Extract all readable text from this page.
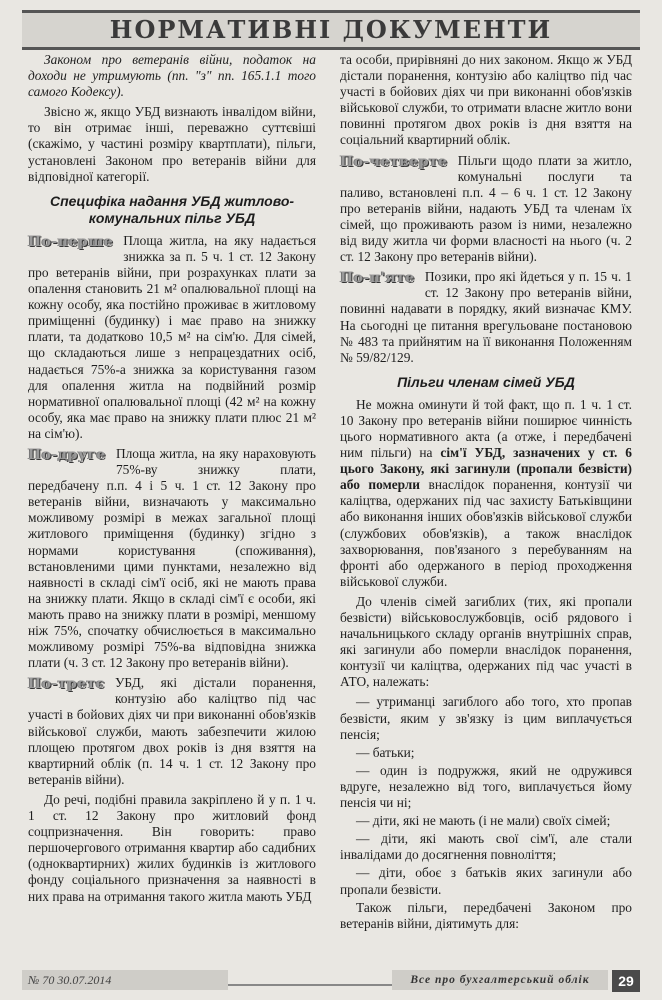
НОРМАТИВНІ ДОКУМЕНТИ

Законом про ветеранів війни, податок на доходи не утримують (пп. "з" пп. 165.1.1 того самого Кодексу).

Звісно ж, якщо УБД визнають інвалідом війни, то він отримає інші, переважно суттєвіші (скажімо, у частині розміру квартплати), пільги, установлені Законом про ветеранів війни для відповідної категорії.

Специфіка надання УБД житлово-комунальних пільг УБД

По-перше Площа житла, на яку надається знижка за п. 5 ч. 1 ст. 12 Закону про ветеранів війни, при розрахунках плати за опалення становить 21 м² опалювальної площі на кожну особу, яка постійно проживає в житловому приміщенні (будинку) і має право на знижку плати, та додатково 10,5 м² на сім'ю. Для сімей, що складаються лише з непрацездатних осіб, надається 75%-а знижка за користування газом для опалення житла на подвійний розмір нормативної опалювальної площі (42 м² на кожну особу, яка має право на знижку плати плюс 21 м² на сім'ю).

По-друге Площа житла, на яку нараховують 75%-ву знижку плати, передбачену п.п. 4 і 5 ч. 1 ст. 12 Закону про ветеранів війни, визначають у максимально можливому розмірі в межах загальної площі житлового приміщення (будинку) згідно з нормами користування (споживання), встановленими цими пунктами, незалежно від наявності в складі сім'ї осіб, які не мають права на знижку плати. Якщо в складі сім'ї є особи, які мають право на знижку плати в розмірі, меншому ніж 75%, спочатку обчислюється в максимально можливому розмірі 75%-ва відповідна знижка плати (ч. 3 ст. 12 Закону про ветеранів війни).

По-третє УБД, які дістали поранення, контузію або каліцтво під час участі в бойових діях чи при виконанні обов'язків військової служби, мають забезпечити жилою площею протягом двох років із дня взяття на квартирний облік (п. 14 ч. 1 ст. 12 Закону про ветеранів війни).

До речі, подібні правила закріплено й у п. 1 ч. 1 ст. 12 Закону про житловий фонд соцпризначення. Він говорить: право першочергового отримання квартир або садибних (одноквартирних) жилих будинків із житлового фонду соціального призначення за наявності в них права на отримання такого житла мають УБД

та особи, прирівняні до них законом. Якщо ж УБД дістали поранення, контузію або каліцтво під час участі в бойових діях чи при виконанні обов'язків військової служби, то отримати власне житло вони повинні протягом двох років із дня взяття на соціальний квартирний облік.

По-четверте Пільги щодо плати за житло, комунальні послуги та паливо, встановлені п.п. 4 – 6 ч. 1 ст. 12 Закону про ветеранів війни, надають УБД та членам їх сімей, що проживають разом із ними, незалежно від виду житла чи форми власності на нього (ч. 2 ст. 12 Закону про ветеранів війни).

По-п'яте Позики, про які йдеться у п. 15 ч. 1 ст. 12 Закону про ветеранів війни, повинні надавати в порядку, який визначає КМУ. На сьогодні це питання врегульоване постановою № 483 та прийнятим на її виконання Положенням № 59/82/129.

Пільги членам сімей УБД

Не можна оминути й той факт, що п. 1 ч. 1 ст. 10 Закону про ветеранів війни поширює чинність цього нормативного акта (а отже, і передбачені ним пільги) на сім'ї УБД, зазначених у ст. 6 цього Закону, які загинули (пропали безвісти) або померли внаслідок поранення, контузії чи каліцтва, одержаних під час захисту Батьківщини або виконання інших обов'язків військової служби (службових обов'язків), а також внаслідок захворювання, пов'язаного з перебуванням на фронті або одержаного в період проходження військової служби.

До членів сімей загиблих (тих, які пропали безвісти) військовослужбовців, осіб рядового і начальницького складу органів внутрішніх справ, які загинули або померли внаслідок поранення, контузії чи каліцтва, одержаних під час участі в АТО, належать:

— утриманці загиблого або того, хто пропав безвісти, яким у зв'язку із цим виплачується пенсія;
— батьки;
— один із подружжя, який не одружився вдруге, незалежно від того, виплачується йому пенсія чи ні;
— діти, які не мають (і не мали) своїх сімей;
— діти, які мають свої сім'ї, але стали інвалідами до досягнення повноліття;
— діти, обоє з батьків яких загинули або пропали безвісти.

Також пільги, передбачені Законом про ветеранів війни, діятимуть для:

№ 70 30.07.2014	Все про бухгалтерський облік	29
